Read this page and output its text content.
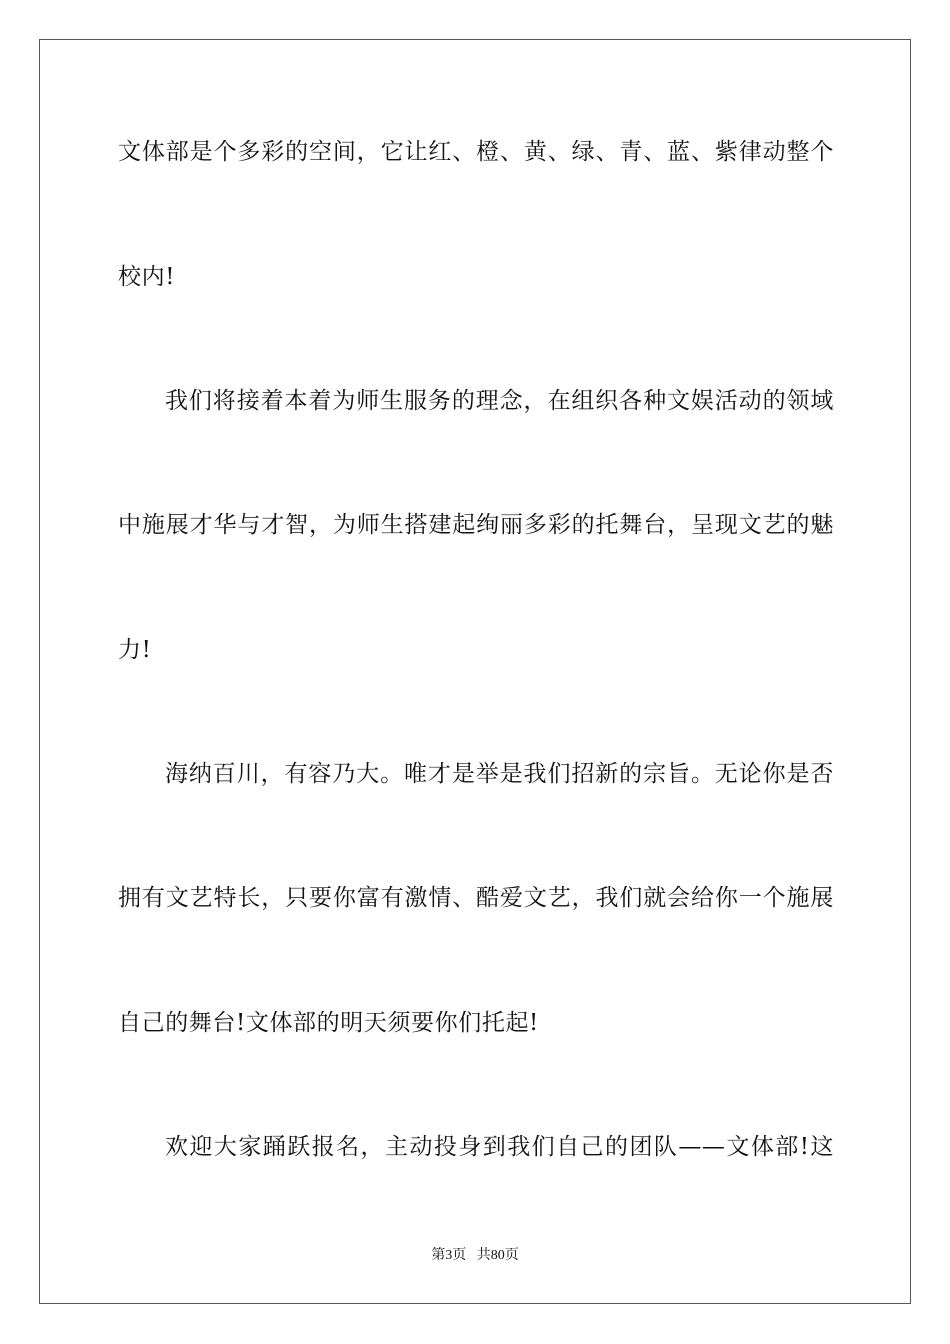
文体部是个多彩的空间，它让红、橙、黄、绿、青、蓝、紫律动整个
校内!
我们将接着本着为师生服务的理念，在组织各种文娱活动的领域
中施展才华与才智，为师生搭建起绚丽多彩的托舞台，呈现文艺的魅
力!
海纳百川，有容乃大。唯才是举是我们招新的宗旨。无论你是否
拥有文艺特长，只要你富有激情、酷爱文艺，我们就会给你一个施展
自己的舞台!文体部的明天须要你们托起!
欢迎大家踊跃报名，主动投身到我们自己的团队——文体部!这
第3页 共80页
